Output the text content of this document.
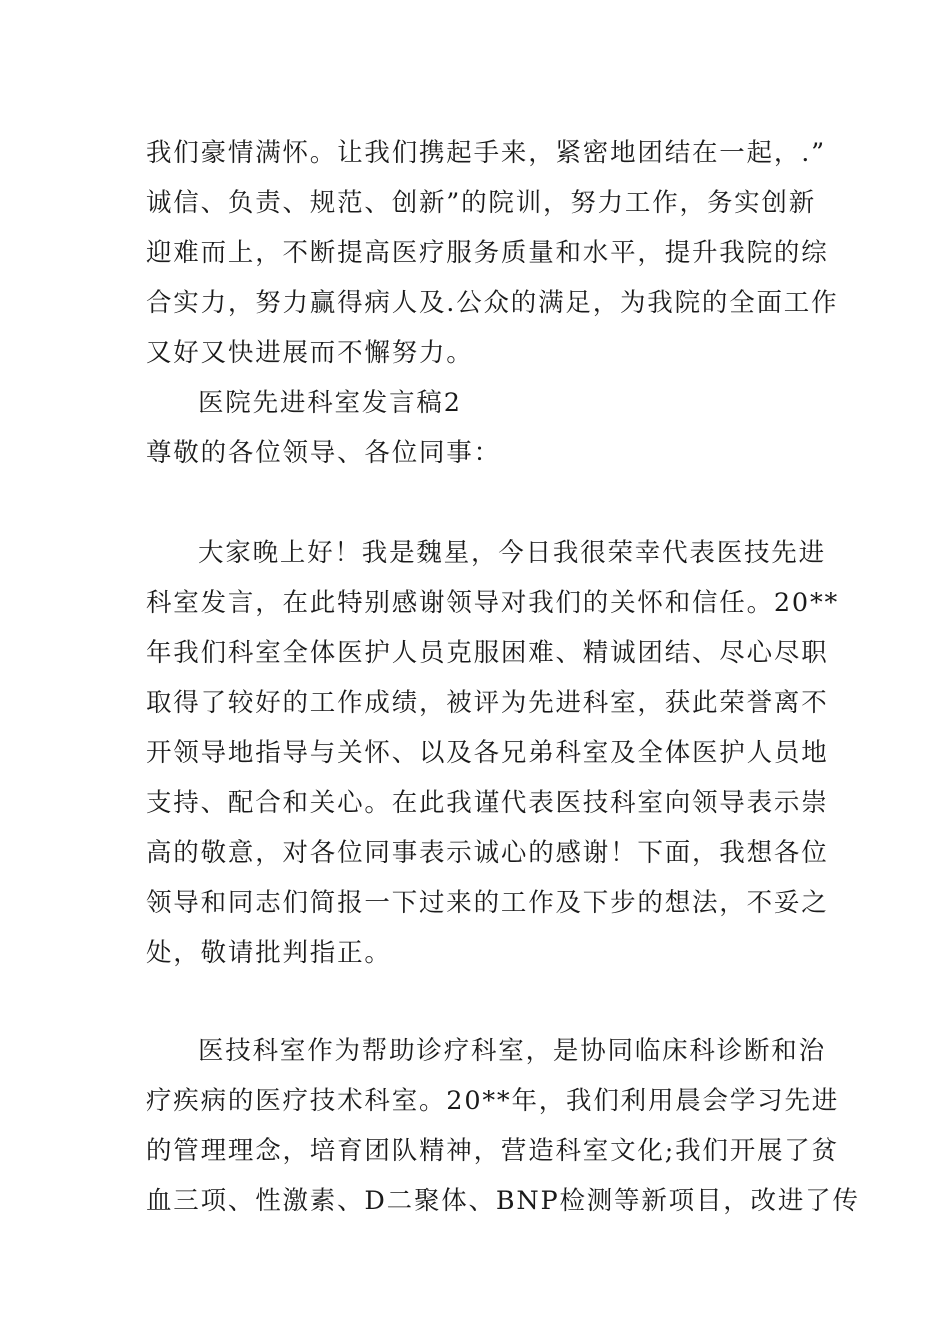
我们豪情满怀。让我们携起手来，紧密地团结在一起，.”
诚信、负责、规范、创新”的院训，努力工作，务实创新
迎难而上，不断提高医疗服务质量和水平，提升我院的综
合实力，努力赢得病人及.公众的满足，为我院的全面工作
又好又快进展而不懈努力。
医院先进科室发言稿2
尊敬的各位领导、各位同事：
大家晚上好！我是魏星，今日我很荣幸代表医技先进
科室发言，在此特别感谢领导对我们的关怀和信任。20**
年我们科室全体医护人员克服困难、精诚团结、尽心尽职
取得了较好的工作成绩，被评为先进科室，获此荣誉离不
开领导地指导与关怀、以及各兄弟科室及全体医护人员地
支持、配合和关心。在此我谨代表医技科室向领导表示崇
高的敬意，对各位同事表示诚心的感谢！下面，我想各位
领导和同志们简报一下过来的工作及下步的想法，不妥之
处，敬请批判指正。
医技科室作为帮助诊疗科室，是协同临床科诊断和治
疗疾病的医疗技术科室。20**年，我们利用晨会学习先进
的管理理念，培育团队精神，营造科室文化;我们开展了贫
血三项、性激素、D二聚体、BNP检测等新项目，改进了传
